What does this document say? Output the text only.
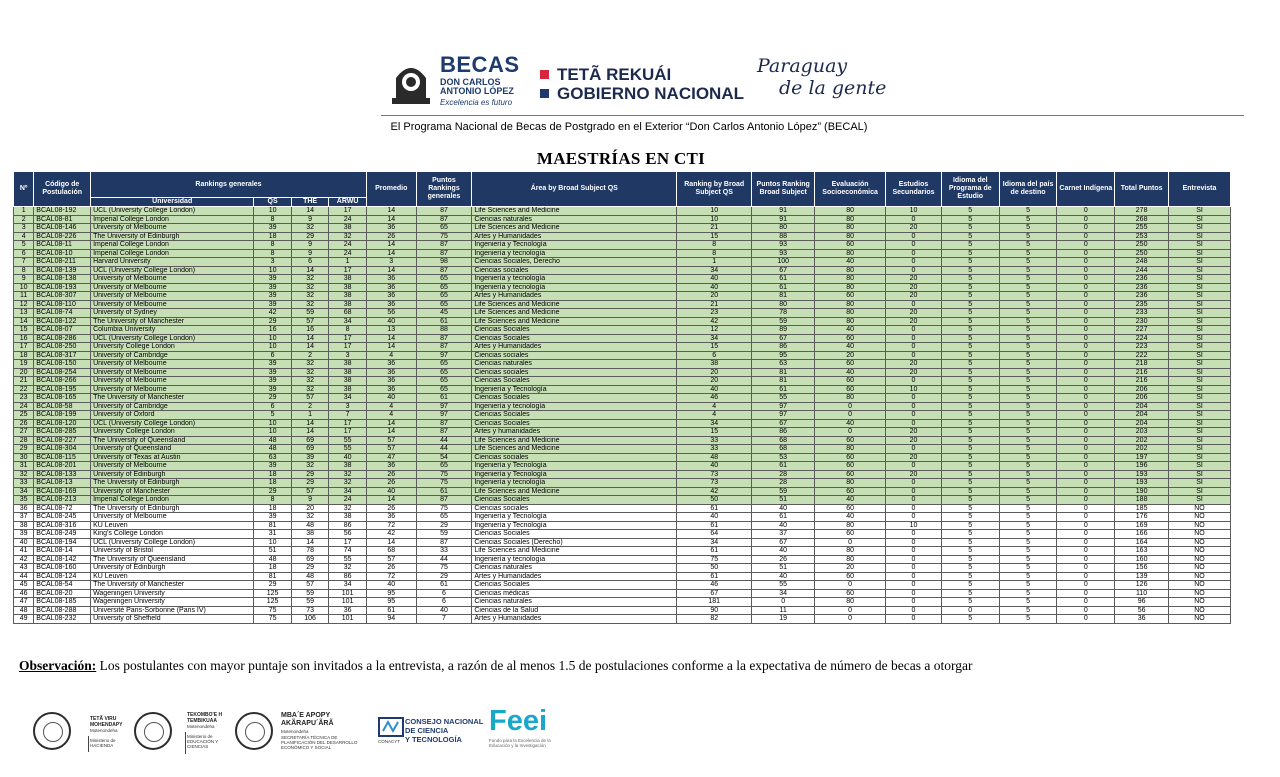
BECAS
DON CARLOS ANTONIO LÓPEZ
Excelencia es futuro
TETÃ REKUÁI
GOBIERNO NACIONAL
Paraguay
de la gente
El Programa Nacional de Becas de Postgrado en el Exterior “Don Carlos Antonio López” (BECAL)
MAESTRÍAS EN CTI
Nº	Código de Postulación	Rankings generales				Promedio	Puntos Rankings generales	Área by Broad Subject QS	Ranking by Broad Subject QS	Puntos Ranking Broad Subject	Evaluación Socioeconómica	Estudios Secundarios	Idioma del Programa de Estudio	Idioma del país de destino	Carnet Indígena	Total Puntos	Entrevista
		Universidad	QS	THE	ARWU												
1	BCAL08-192	UCL (University College London)	10	14	17	14	87	Life Sciences and Medicine	10	91	80	10	5	5	0	278	SI
2	BCAL08-81	Imperial College London	8	9	24	14	87	Ciencias naturales	10	91	80	0	5	5	0	268	SI
3	BCAL08-146	University of Melbourne	39	32	38	36	65	Life Sciences and Medicine	21	80	80	20	5	5	0	255	SI
4	BCAL08-226	The University of Edinburgh	18	29	32	26	75	Artes y Humanidades	15	88	80	0	5	5	0	253	SI
5	BCAL08-11	Imperial College London	8	9	24	14	87	Ingeniería y Tecnología	8	93	60	0	5	5	0	250	SI
6	BCAL08-10	Imperial College London	8	9	24	14	87	Ingeniería y tecnología	8	93	80	0	5	5	0	250	SI
7	BCAL08-211	Harvard University	3	6	1	3	98	Ciencias Sociales, Derecho	1	100	40	0	5	5	0	248	SI
8	BCAL08-139	UCL (University College London)	10	14	17	14	87	Ciencias sociales	34	67	80	0	5	5	0	244	SI
9	BCAL08-138	University of Melbourne	39	32	38	36	65	Ingeniería y tecnología	40	61	80	20	5	5	0	236	SI
10	BCAL08-193	University of Melbourne	39	32	38	36	65	Ingeniería y tecnología	40	61	80	20	5	5	0	236	SI
11	BCAL08-307	University of Melbourne	39	32	38	36	65	Artes y Humanidades	20	81	60	20	5	5	0	236	SI
12	BCAL08-110	University of Melbourne	39	32	38	36	65	Life Sciences and Medicine	21	80	80	0	5	5	0	235	SI
13	BCAL08-74	University of Sydney	42	59	68	56	45	Life Sciences and Medicine	23	78	80	20	5	5	0	233	SI
14	BCAL08-122	The University of Manchester	29	57	34	40	61	Life Sciences and Medicine	42	59	80	20	5	5	0	230	SI
15	BCAL08-07	Columbia University	16	16	8	13	88	Ciencias Sociales	12	89	40	0	5	5	0	227	SI
16	BCAL08-286	UCL (University College London)	10	14	17	14	87	Ciencias Sociales	34	67	60	0	5	5	0	224	SI
17	BCAL08-250	University College London	10	14	17	14	87	Artes y Humanidades	15	86	40	0	5	5	0	223	SI
18	BCAL08-317	University of Cambridge	6	2	3	4	97	Ciencias sociales	6	95	20	0	5	5	0	222	SI
19	BCAL08-150	University of Melbourne	39	32	38	36	65	Ciencias naturales	38	63	60	20	5	5	0	218	SI
20	BCAL08-254	University of Melbourne	39	32	38	36	65	Ciencias sociales	20	81	40	20	5	5	0	216	SI
21	BCAL08-266	University of Melbourne	39	32	38	36	65	Ciencias Sociales	20	81	60	0	5	5	0	216	SI
22	BCAL08-195	University of Melbourne	39	32	38	36	65	Ingeniería y Tecnología	40	61	60	10	5	5	0	206	SI
23	BCAL08-165	The University of Manchester	29	57	34	40	61	Ciencias Sociales	46	55	80	0	5	5	0	206	SI
24	BCAL08-58	University of Cambridge	6	2	3	4	97	Ingeniería y tecnología	4	97	0	0	5	5	0	204	SI
25	BCAL08-199	University of Oxford	5	1	7	4	97	Ciencias Sociales	4	97	0	0	5	5	0	204	SI
26	BCAL08-120	UCL (University College London)	10	14	17	14	87	Ciencias Sociales	34	67	40	0	5	5	0	204	SI
27	BCAL08-285	University College London	10	14	17	14	87	Artes y humanidades	15	86	0	20	5	5	0	203	SI
28	BCAL08-227	The University of Queensland	48	69	55	57	44	Life Sciences and Medicine	33	68	60	20	5	5	0	202	SI
29	BCAL08-304	University of Queensland	48	69	55	57	44	Life Sciences and Medicine	33	68	80	0	5	5	0	202	SI
30	BCAL08-115	University of Texas at Austin	63	39	40	47	54	Ciencias sociales	48	53	60	20	5	5	0	197	SI
31	BCAL08-201	University of Melbourne	39	32	38	36	65	Ingeniería y Tecnología	40	61	60	0	5	5	0	196	SI
32	BCAL08-133	University of Edinburgh	18	29	32	26	75	Ingeniería y Tecnología	73	28	60	20	5	5	0	193	SI
33	BCAL08-13	The University of Edinburgh	18	29	32	26	75	Ingeniería y tecnología	73	28	80	0	5	5	0	193	SI
34	BCAL08-169	University of Manchester	29	57	34	40	61	Life Sciences and Medicine	42	59	60	0	5	5	0	190	SI
35	BCAL08-213	Imperial College London	8	9	24	14	87	Ciencias Sociales	50	51	40	0	5	5	0	188	SI
36	BCAL08-72	The University of Edinburgh	18	20	32	26	75	Ciencias sociales	61	40	60	0	5	5	0	185	NO
37	BCAL08-245	University of Melbourne	39	32	38	36	65	Ingeniería y Tecnología	40	61	40	0	5	5	0	176	NO
38	BCAL08-316	KU Leuven	81	48	86	72	29	Ingeniería y Tecnología	61	40	80	10	5	5	0	169	NO
39	BCAL08-249	King's College London	31	38	56	42	59	Ciencias Sociales	64	37	60	0	5	5	0	166	NO
40	BCAL08-194	UCL (University College London)	10	14	17	14	87	Ciencias Sociales (Derecho)	34	67	0	0	5	5	0	164	NO
41	BCAL08-14	University of Bristol	51	78	74	68	33	Life Sciences and Medicine	61	40	80	0	5	5	0	163	NO
42	BCAL08-142	The University of Queensland	48	69	55	57	44	Ingeniería y tecnología	75	26	80	0	5	5	0	160	NO
43	BCAL08-160	University of Edinburgh	18	29	32	26	75	Ciencias naturales	50	51	20	0	5	5	0	156	NO
44	BCAL08-124	KU Leuven	81	48	86	72	29	Artes y Humanidades	61	40	60	0	5	5	0	139	NO
45	BCAL08-54	The University of Manchester	29	57	34	40	61	Ciencias Sociales	46	55	0	0	5	5	0	126	NO
46	BCAL08-20	Wageningen University	125	59	101	95	6	Ciencias médicas	67	34	60	0	5	5	0	110	NO
47	BCAL08-185	Wageningen University	125	59	101	95	6	Ciencias naturales	181	0	80	0	5	5	0	96	NO
48	BCAL08-288	Université Paris-Sorbonne (Paris IV)	75	73	36	61	40	Ciencias de la Salud	90	11	0	0	0	5	0	56	NO
49	BCAL08-232	University of Sheffield	75	106	101	94	7	Artes y Humanidades	82	19	0	0	5	5	0	36	NO
Observación: Los postulantes con mayor puntaje son invitados a la entrevista, a razón de al menos 1.5 de postulaciones conforme a la expectativa de número de becas a otorgar
TETÃ VIRU
MOHENDAPY
Motenondeha
Ministerio de HACIENDA
TEKOMBO'E H
TEMBIKUAA
Motenondeha
Ministerio de EDUCACIÓN Y CIENCIAS
MBA´E APOPY
AKÃRAPU´ÃRÃ
Motenondeha
SECRETARÍA TÉCNICA DE PLANIFICACIÓN DEL DESARROLLO ECONÓMICO Y SOCIAL
CONSEJO NACIONAL
DE CIENCIA
Y TECNOLOGÍA
CONACYT
Feei
Fondo para la Excelencia de la Educación y la Investigación
